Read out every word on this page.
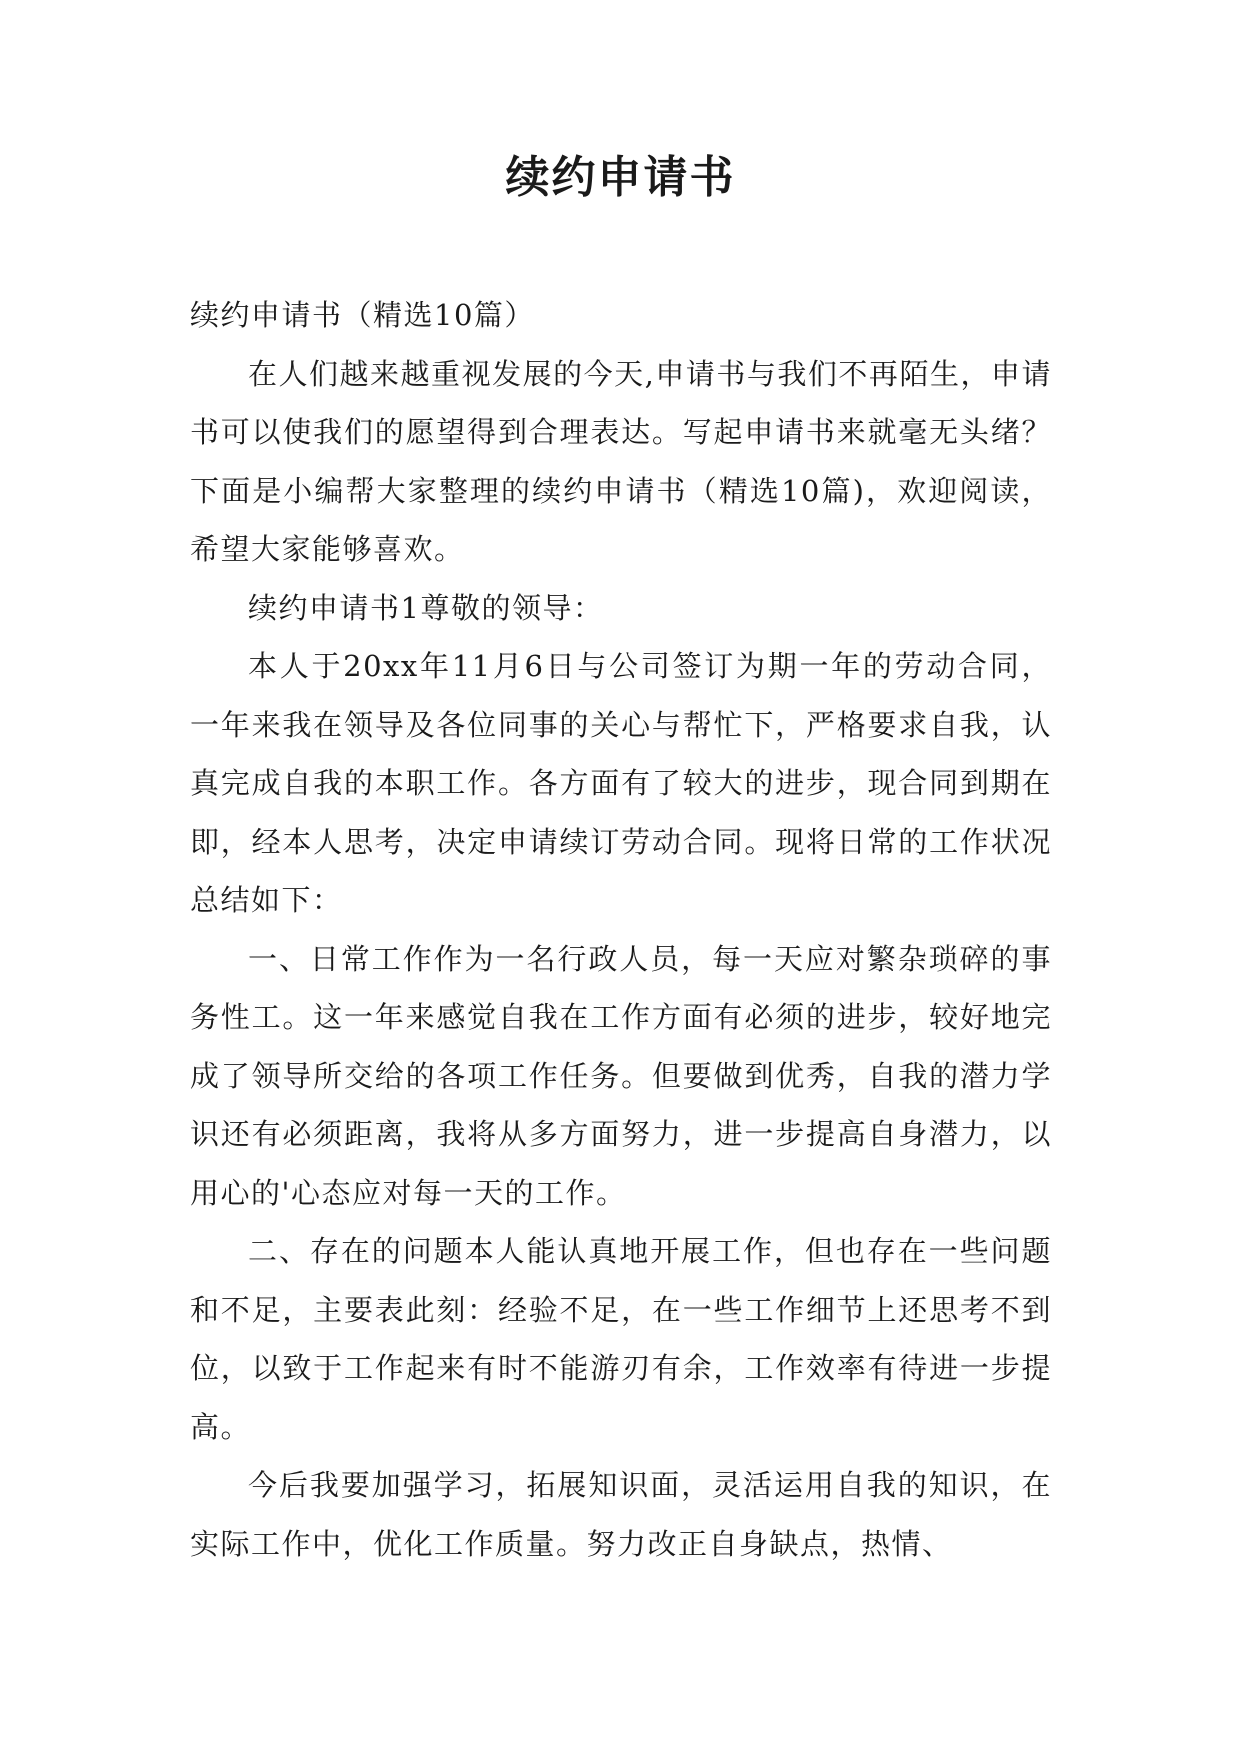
续约申请书

续约申请书（精选10篇）

在人们越来越重视发展的今天,申请书与我们不再陌生，申请书可以使我们的愿望得到合理表达。写起申请书来就毫无头绪？下面是小编帮大家整理的续约申请书（精选10篇)，欢迎阅读，希望大家能够喜欢。

续约申请书1尊敬的领导：

本人于20xx年11月6日与公司签订为期一年的劳动合同，一年来我在领导及各位同事的关心与帮忙下，严格要求自我，认真完成自我的本职工作。各方面有了较大的进步，现合同到期在即，经本人思考，决定申请续订劳动合同。现将日常的工作状况总结如下：

一、日常工作作为一名行政人员，每一天应对繁杂琐碎的事务性工。这一年来感觉自我在工作方面有必须的进步，较好地完成了领导所交给的各项工作任务。但要做到优秀，自我的潜力学识还有必须距离，我将从多方面努力，进一步提高自身潜力，以用心的'心态应对每一天的工作。

二、存在的问题本人能认真地开展工作，但也存在一些问题和不足，主要表此刻：经验不足，在一些工作细节上还思考不到位，以致于工作起来有时不能游刃有余，工作效率有待进一步提高。

今后我要加强学习，拓展知识面，灵活运用自我的知识，在实际工作中，优化工作质量。努力改正自身缺点，热情、
